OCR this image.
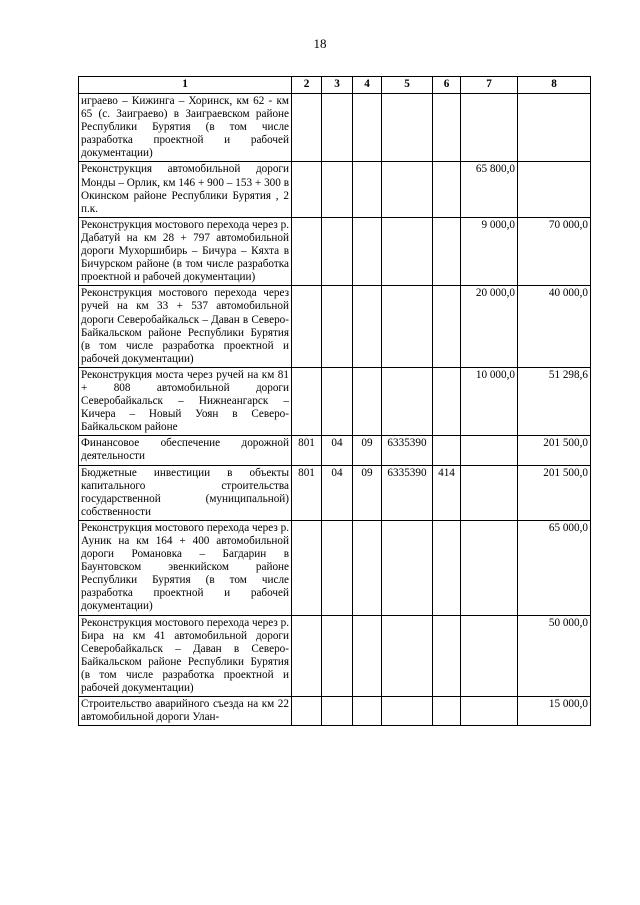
18
1	2	3	4	5	6	7	8
играево – Кижинга – Хоринск, км 62 - км 65 (с. Заиграево) в Заиграевском районе Республики Бурятия (в том числе разработка проектной и рабочей документации)							
Реконструкция автомобильной дороги Монды – Орлик, км 146 + 900 – 153 + 300 в Окинском районе Республики Бурятия , 2 п.к.						65 800,0	
Реконструкция мостового перехода через р. Дабатуй на км 28 + 797 автомобильной дороги Мухоршибирь – Бичура – Кяхта в Бичурском районе (в том числе разработка проектной и рабочей документации)						9 000,0	70 000,0
Реконструкция мостового перехода через ручей на км 33 + 537 автомобильной дороги Северобайкальск – Даван в Северо-Байкальском районе Республики Бурятия (в том числе разработка проектной и рабочей документации)						20 000,0	40 000,0
Реконструкция моста через ручей на км 81 + 808 автомобильной дороги Северобайкальск – Нижнеангарск – Кичера – Новый Уоян в Северо-Байкальском районе						10 000,0	51 298,6
Финансовое обеспечение дорожной деятельности	801	04	09	6335390			201 500,0
Бюджетные инвестиции в объекты капитального строительства государственной (муниципальной) собственности	801	04	09	6335390	414		201 500,0
Реконструкция мостового перехода через р. Ауник на км 164 + 400 автомобильной дороги Романовка – Багдарин в Баунтовском эвенкийском районе Республики Бурятия (в том числе разработка проектной и рабочей документации)							65 000,0
Реконструкция мостового перехода через р. Бира на км 41 автомобильной дороги Северобайкальск – Даван в Северо-Байкальском районе Республики Бурятия (в том числе разработка проектной и рабочей документации)							50 000,0
Строительство аварийного съезда на км 22 автомобильной дороги Улан-							15 000,0
